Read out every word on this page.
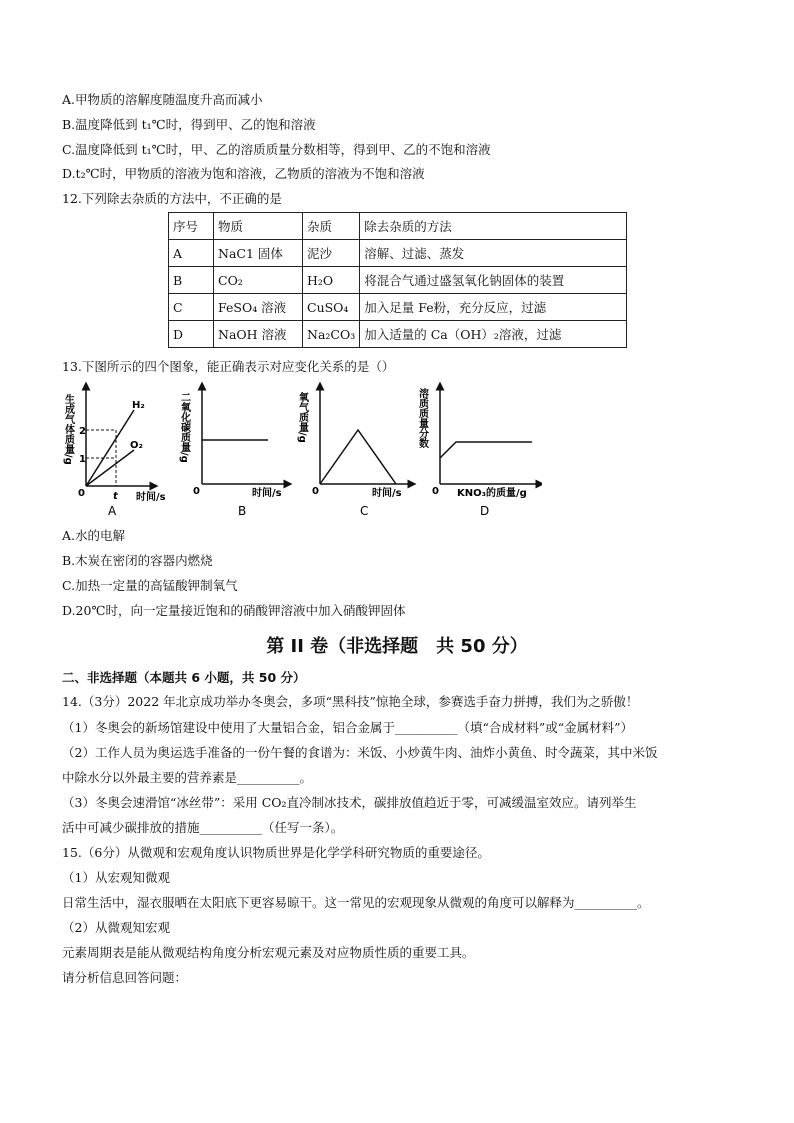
A.甲物质的溶解度随温度升高而减小
B.温度降低到 t₁℃时，得到甲、乙的饱和溶液
C.温度降低到 t₁℃时，甲、乙的溶质质量分数相等，得到甲、乙的不饱和溶液
D.t₂℃时，甲物质的溶液为饱和溶液，乙物质的溶液为不饱和溶液
12.下列除去杂质的方法中，不正确的是
序号	物质	杂质	除去杂质的方法
A	NaC1 固体	泥沙	溶解、过滤、蒸发
B	CO₂	H₂O	将混合气通过盛氢氧化钠固体的装置
C	FeSO₄ 溶液	CuSO₄	加入足量 Fe粉，充分反应，过滤
D	NaOH 溶液	Na₂CO₃	加入适量的 Ca（OH）₂溶液，过滤
13.下图所示的四个图象，能正确表示对应变化关系的是（）
生成气体质量/g 2
1
t
0
H₂
O₂
时间/s
A
二氧化碳质量/g
0	时间/s
B
氧气质量/g
0	时间/s
C
溶质质量分数
0 KNO₃的质量/g
D
A.水的电解
B.木炭在密闭的容器内燃烧
C.加热一定量的高锰酸钾制氧气
D.20℃时，向一定量接近饱和的硝酸钾溶液中加入硝酸钾固体
第 II 卷（非选择题　共 50 分）
二、非选择题（本题共 6 小题，共 50 分）
14.（3分）2022 年北京成功举办冬奥会，多项“黑科技”惊艳全球，参赛选手奋力拼搏，我们为之骄傲！
（1）冬奥会的新场馆建设中使用了大量铝合金，铝合金属于__________（填“合成材料”或“金属材料”）
（2）工作人员为奥运选手准备的一份午餐的食谱为：米饭、小炒黄牛肉、油炸小黄鱼、时令蔬菜，其中米饭
中除水分以外最主要的营养素是__________。
（3）冬奥会速滑馆“冰丝带”：采用 CO₂直冷制冰技术，碳排放值趋近于零，可减缓温室效应。请列举生
活中可减少碳排放的措施__________（任写一条）。
15.（6分）从微观和宏观角度认识物质世界是化学学科研究物质的重要途径。
（1）从宏观知微观
日常生活中，湿衣服晒在太阳底下更容易晾干。这一常见的宏观现象从微观的角度可以解释为__________。
（2）从微观知宏观
元素周期表是能从微观结构角度分析宏观元素及对应物质性质的重要工具。
请分析信息回答问题：
